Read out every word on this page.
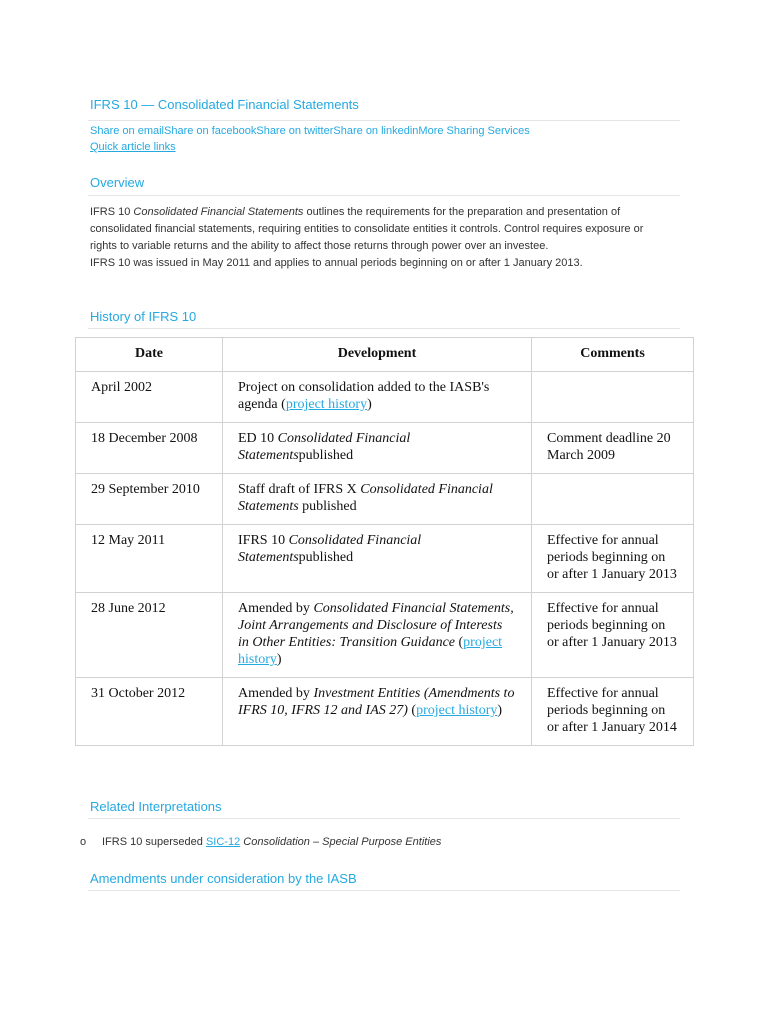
IFRS 10 — Consolidated Financial Statements
Share on emailShare on facebookShare on twitterShare on linkedinMore Sharing Services
Quick article links
Overview

IFRS 10 Consolidated Financial Statements outlines the requirements for the preparation and presentation of consolidated financial statements, requiring entities to consolidate entities it controls. Control requires exposure or rights to variable returns and the ability to affect those returns through power over an investee.

IFRS 10 was issued in May 2011 and applies to annual periods beginning on or after 1 January 2013.

History of IFRS 10
Date	Development	Comments
April 2002	Project on consolidation added to the IASB's agenda (project history)	
18 December 2008	ED 10 Consolidated Financial Statementspublished	Comment deadline 20 March 2009
29 September 2010	Staff draft of IFRS X Consolidated Financial Statements published	
12 May 2011	IFRS 10 Consolidated Financial Statementspublished	Effective for annual periods beginning on or after 1 January 2013
28 June 2012	Amended by Consolidated Financial Statements, Joint Arrangements and Disclosure of Interests in Other Entities: Transition Guidance (project history)	Effective for annual periods beginning on or after 1 January 2013
31 October 2012	Amended by Investment Entities (Amendments to IFRS 10, IFRS 12 and IAS 27) (project history)	Effective for annual periods beginning on or after 1 January 2014
Related Interpretations
o IFRS 10 superseded SIC-12 Consolidation – Special Purpose Entities
Amendments under consideration by the IASB
